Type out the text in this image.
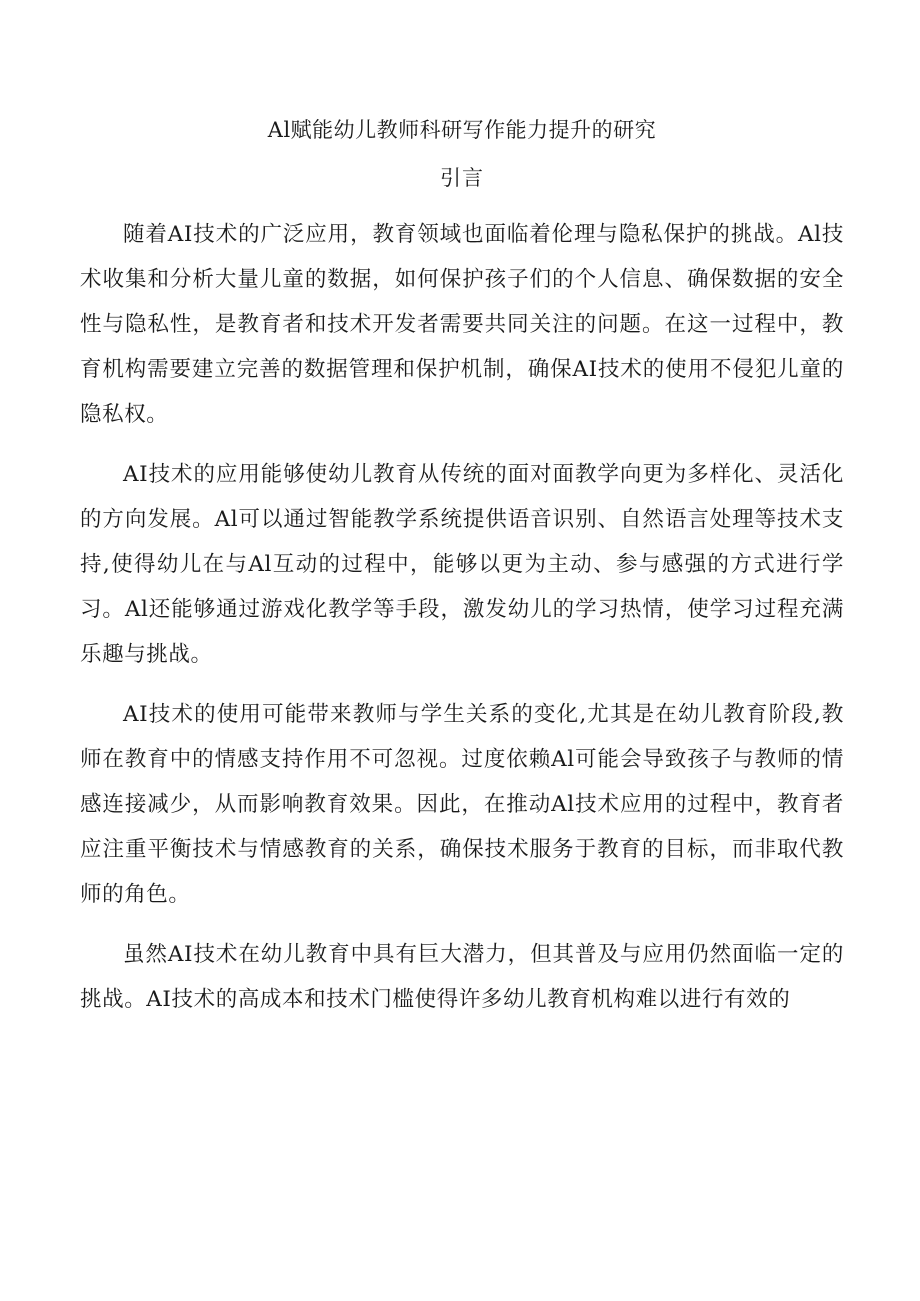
Al赋能幼儿教师科研写作能力提升的研究
引言

随着AI技术的广泛应用，教育领域也面临着伦理与隐私保护的挑战。Al技术收集和分析大量儿童的数据，如何保护孩子们的个人信息、确保数据的安全性与隐私性，是教育者和技术开发者需要共同关注的问题。在这一过程中，教育机构需要建立完善的数据管理和保护机制，确保AI技术的使用不侵犯儿童的隐私权。

AI技术的应用能够使幼儿教育从传统的面对面教学向更为多样化、灵活化的方向发展。Al可以通过智能教学系统提供语音识别、自然语言处理等技术支持,使得幼儿在与Al互动的过程中，能够以更为主动、参与感强的方式进行学习。Al还能够通过游戏化教学等手段，激发幼儿的学习热情，使学习过程充满乐趣与挑战。

AI技术的使用可能带来教师与学生关系的变化,尤其是在幼儿教育阶段,教师在教育中的情感支持作用不可忽视。过度依赖Al可能会导致孩子与教师的情感连接减少，从而影响教育效果。因此，在推动Al技术应用的过程中，教育者应注重平衡技术与情感教育的关系，确保技术服务于教育的目标，而非取代教师的角色。

虽然AI技术在幼儿教育中具有巨大潜力，但其普及与应用仍然面临一定的挑战。AI技术的高成本和技术门槛使得许多幼儿教育机构难以进行有效的
